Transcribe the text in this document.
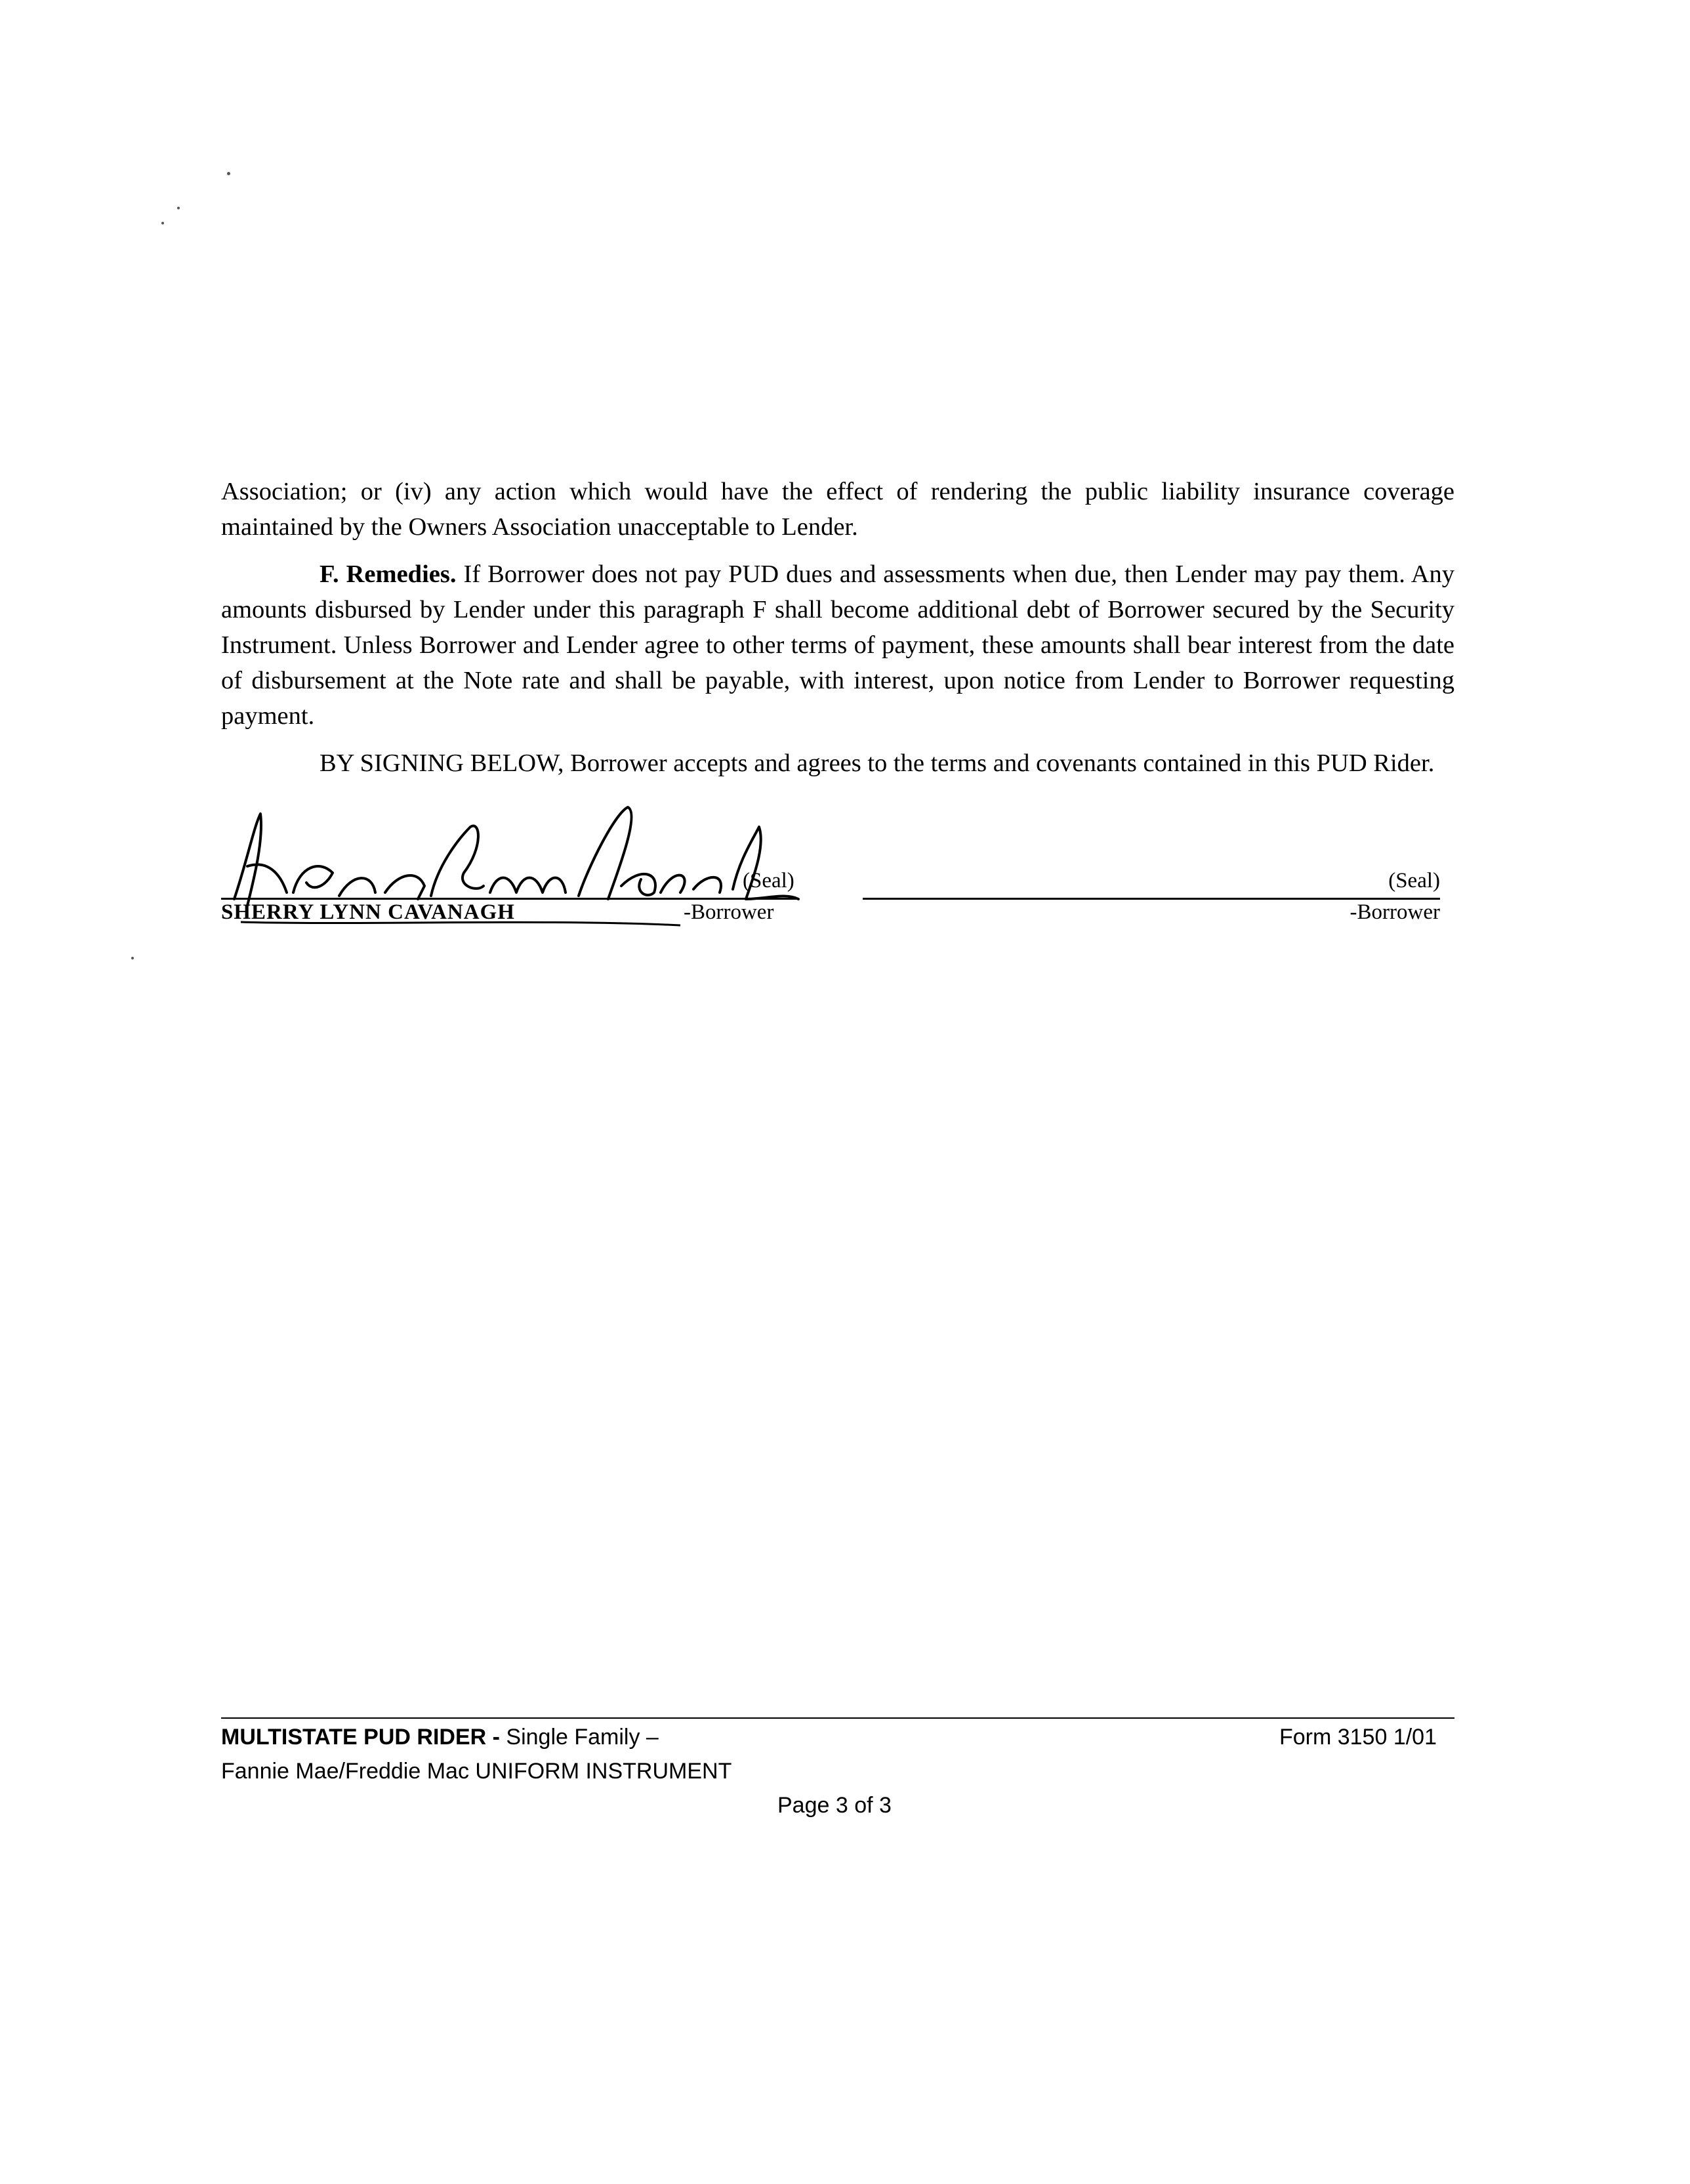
Association; or (iv) any action which would have the effect of rendering the public liability insurance coverage maintained by the Owners Association unacceptable to Lender.

F. Remedies. If Borrower does not pay PUD dues and assessments when due, then Lender may pay them. Any amounts disbursed by Lender under this paragraph F shall become additional debt of Borrower secured by the Security Instrument. Unless Borrower and Lender agree to other terms of payment, these amounts shall bear interest from the date of disbursement at the Note rate and shall be payable, with interest, upon notice from Lender to Borrower requesting payment.

BY SIGNING BELOW, Borrower accepts and agrees to the terms and covenants contained in this PUD Rider.

(Seal)
SHERRY LYNN CAVANAGH	-Borrower
(Seal)
-Borrower
MULTISTATE PUD RIDER - Single Family –
Fannie Mae/Freddie Mac UNIFORM INSTRUMENT
Form 3150 1/01
Page 3 of 3
